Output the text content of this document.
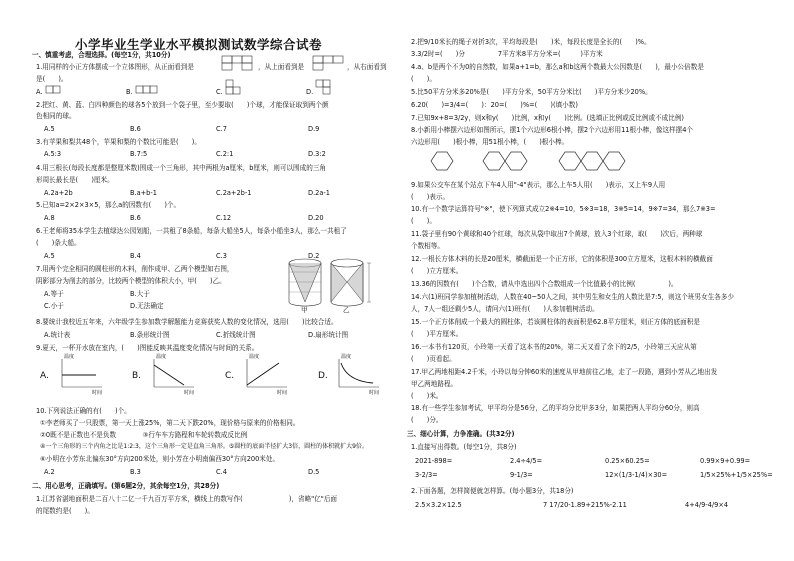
小学毕业生学业水平模拟测试数学综合试卷
一、慎重考虑，合理选择。(每空1分，共10分)
1.用同样的小正方体摆成一个立体图形，从正面看到是	，从上面看到是	，从右面看到
是(　　)。
A.	B.	C.	D.
2.把红、黄、蓝、白四种颜色的球各5个放到一个袋子里，至少要取(　　)个球，才能保证取到两个颜
色相同的球。
A.5	B.6	C.7	D.9
3.有苹果和梨共48个，苹果和梨的个数比可能是(　　)。
A.5:3	B.7:5	C.2:1	D.3:2
4.用三根长(每段长度都是整厘米数)围成一个三角形，其中两根为a厘米，b厘米，则可以围成的三角
形周长最长是(　　)厘米。
A.2a+2b	B.a+b-1	C.2a+2b-1	D.2a-1
5.已知a=2×2×3×5，那么a的因数有(　　)个。
A.8	B.6	C.12	D.20
6.王老师将35本学生去植绿达公园划船，一共租了8条船，每条大船坐5人，每条小船坐3人，那么一共租了
(　　)条大船。
A.5	B.4	C.3	D.2
7.用两个完全相同的圆柱形的木料，削作成甲、乙两个模型如右图，
阴影部分为削去的部分，比较两个模型的体积大小，甲(　　)乙。
A.等于	B.大于
C.小于	D.无法确定	甲	乙
8.要统计我校近五年来，六年级学生参加数学解题能力竞赛获奖人数的变化情况，选用(　　)比较合适。
A.统计表	B.条形统计图	C.折线统计图	D.扇形统计图
9.夏天，一杯开水放在室内，(　　)图能反映其温度变化情况与时间的关系。
A.	B.	C.	D.
温度
时间
温度
时间
温度
时间
温度
时间
10.下列说法正确的有(　　)个。
①李老师买了一只股票，第一天上涨25%，第二天下跌20%，现价格与原来的价格相同。
②0既不是正数也不是负数　　　　③行车车方路程和车轮转数成反比例
④一个三角形的三个内角之比是1:2:3，这个三角形一定是直角三角形。⑤圆柱的底面半径扩大3倍，圆柱的体积就扩大9倍。
⑥小明在小芳东北偏东30°方向200米处，则小芳在小明南偏西30°方向200米处。
A.2	B.3	C.4	D.5
二、用心思考，正确填写。(第6题2分，其余每空1分，共28分)
1.江苏省湛地面积是二百八十二亿一千九百万平方米，横线上的数写作(　　　　　　　)，省略"亿"后面
的尾数约是(　　)。
2.把9/10米长的绳子对折3次，平均每段是(　　)米，每段长度是全长的(　　)%。
3.3/2时=(　　)分　　　　　7平方米8平方分米=(　　　)平方米
4.a、b是两个不为0的自然数，如果a+1=b，那么a和b这两个数最大公因数是(　　)，最小公倍数是
(　　)。
5.比50平方分米多20%是(　　)平方分米，50平方分米比(　　)平方分米少20%。
6.20(　　)=3/4=(　　)：20=(　　)%=(　　)(填小数)
7.已知9x+8=3/2y，则x和y(　　)比例，x和y(　　)比例。(选填正比例或反比例或不成比例)
8.小新用小棒摆六边形如图所示，摆1个六边形6根小棒，摆2个六边形用11根小棒，像这样摆4个
六边形用(　　)根小棒，用51根小棒，(　　)根小棒。
9.如果公交车在某个站点下车4人用"-4"表示，那么上车5人用(　　)表示，又上车9人用
(　　)表示。
10.有一个数学运算符号"※"，使下列算式成立2※4=10，5※3=18，3※5=14，9※7=34，那么7※3=
(　　)。
11.袋子里有90个黄球和40个红球，每次从袋中取出7个黄球，放入3个红球，取(　　)次后，两种球
个数相等。
12.一根长方体木料的长是20厘米，横截面是一个正方形，它的体积是300立方厘米，这根木料的横截面
(　　)立方厘米。
13.36的因数有(　　)个合数，请从中选出四个合数组成一个比值最小的比例(　　　　　)。
14.六(1)班同学参加植树活动，人数在40~50人之间，其中男生和女生的人数比是7:5，则这个班男女生各多少
人，7人一组还剩少5人，请问六(1)班有(　　)人参加植树活动。
15.一个正方体削成一个最大的圆柱体，若该圆柱体的表面积是62.8平方厘米，则正方体的底面积是
(　　)平方厘米。
16.一本书有120页，小玲第一天看了这本书的20%，第二天又看了余下的2/5，小玲第三天应从第
(　　)页看起。
17.甲乙两地相距4.2千米，小玲以每分钟60米的速度从甲地前往乙地，走了一段路，遇到小芳从乙地出发
甲乙两地路程。
(　　)米。
18.有一些学生参加考试，甲平均分是56分，乙的平均分比甲多3分，如果把两人平均分60分，则高
(　　)分。
三、细心计算，力争准确。(共32分)
1.直接写出得数。(每空1分，共8分)
2021-898=	2.4÷4/5=	0.25×60.25=	0.99×9+0.99=
3-2/3=	9-1/3=	12×(1/3-1/4)×30=	1/5×25%+1/5×25%=
2.下面各题，怎样简便就怎样算。(每小题3分，共18分)
2.5×3.2×12.5	7 17/20-1.89+215%-2.11	4+4/9-4/9×4
